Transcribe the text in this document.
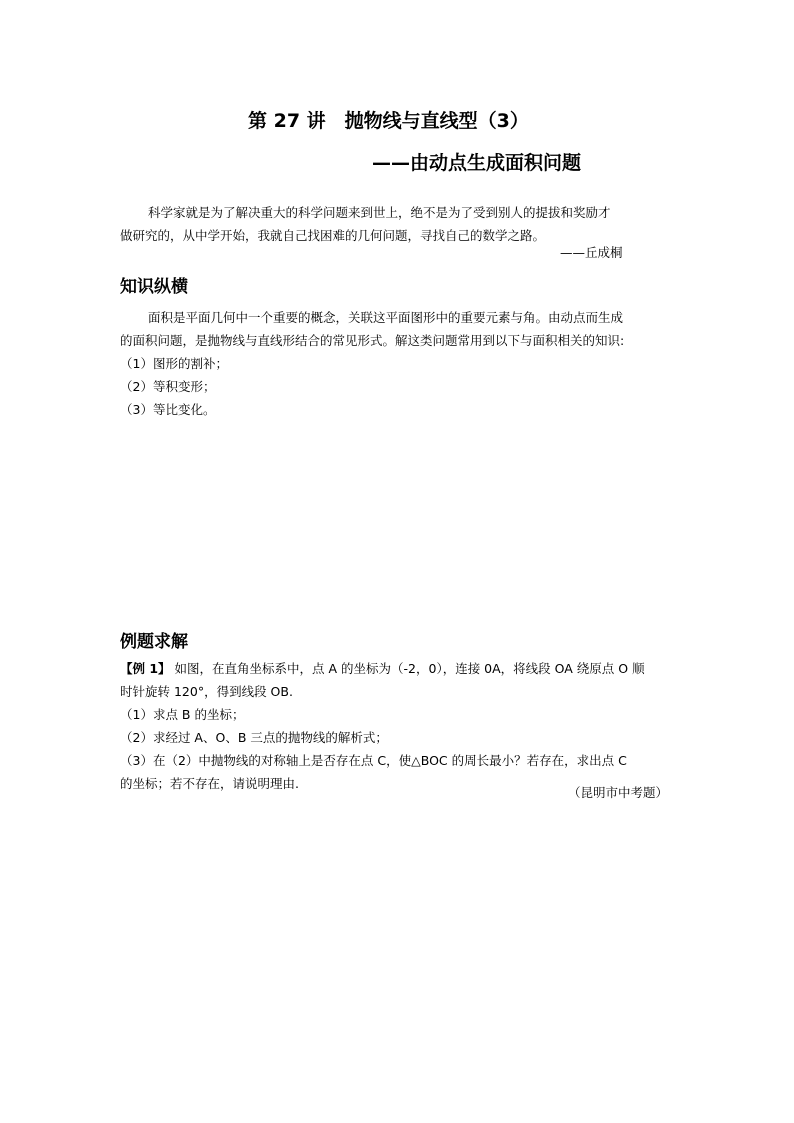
第 27 讲　抛物线与直线型（3）
——由动点生成面积问题
科学家就是为了解决重大的科学问题来到世上，绝不是为了受到别人的提拔和奖励才
做研究的，从中学开始，我就自己找困难的几何问题，寻找自己的数学之路。
——丘成桐
知识纵横
面积是平面几何中一个重要的概念，关联这平面图形中的重要元素与角。由动点而生成
的面积问题，是抛物线与直线形结合的常见形式。解这类问题常用到以下与面积相关的知识:
（1）图形的割补；
（2）等积变形；
（3）等比变化。
例题求解
【例 1】 如图，在直角坐标系中，点 A 的坐标为（-2，0），连接 0A，将线段 OA 绕原点 O 顺
时针旋转 120°，得到线段 OB.
（1）求点 B 的坐标；
（2）求经过 A、O、B 三点的抛物线的解析式；
（3）在（2）中抛物线的对称轴上是否存在点 C，使△BOC 的周长最小？若存在，求出点 C
的坐标；若不存在，请说明理由.
（昆明市中考题）
